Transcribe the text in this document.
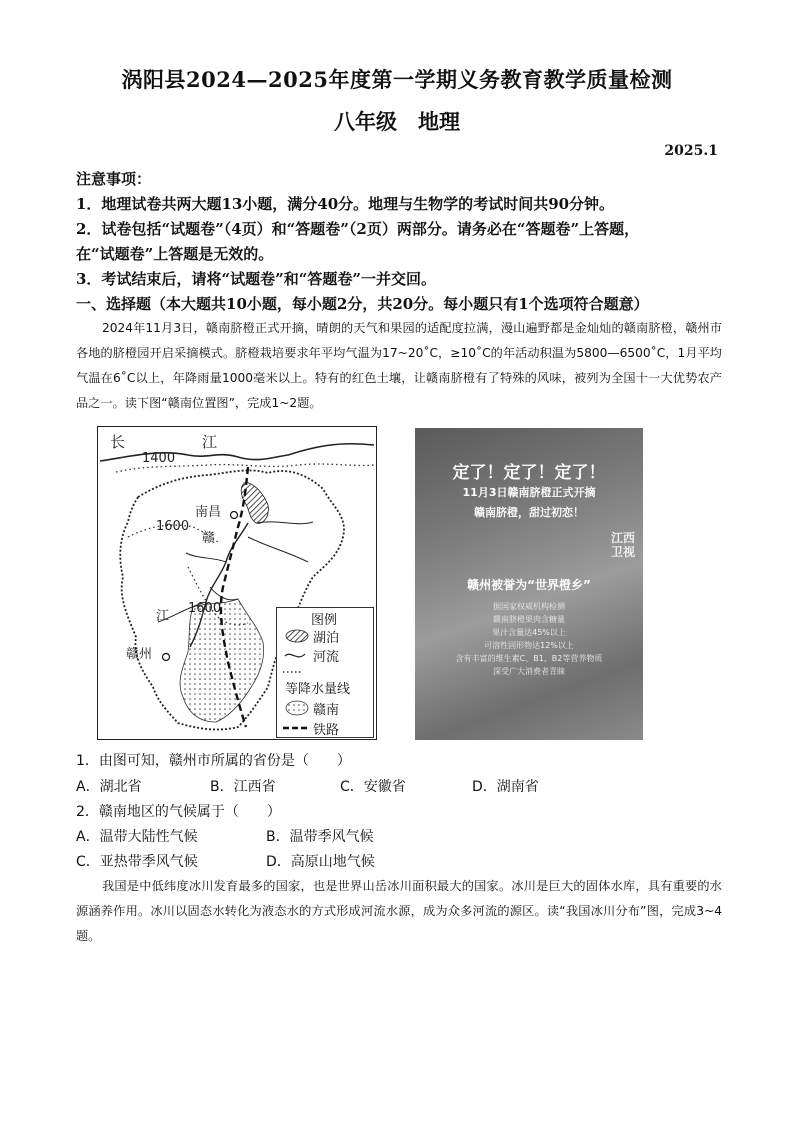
涡阳县2024—2025年度第一学期义务教育教学质量检测
八年级　地理
2025.1
注意事项：
1．地理试卷共两大题13小题，满分40分。地理与生物学的考试时间共90分钟。
2．试卷包括“试题卷”（4页）和“答题卷”（2页）两部分。请务必在“答题卷”上答题，
在“试题卷”上答题是无效的。
3．考试结束后，请将“试题卷”和“答题卷”一并交回。
一、选择题（本大题共10小题，每小题2分，共20分。每小题只有1个选项符合题意）
2024年11月3日，赣南脐橙正式开摘，晴朗的天气和果园的适配度拉满，漫山遍野都是金灿灿的赣南脐橙，赣州市各地的脐橙园开启采摘模式。脐橙栽培要求年平均气温为17~20˚C，≥10˚C的年活动积温为5800—6500˚C，1月平均气温在6˚C以上，年降雨量1000毫米以上。特有的红色土壤，让赣南脐橙有了特殊的风味，被列为全国十一大优势农产品之一。读下图“赣南位置图”，完成1~2题。
长	江
1400
南昌
1600
赣
江
1600
赣州
图例
湖泊
河流
等降水量线
赣南
铁路
定了！定了！定了！
11月3日赣南脐橙正式开摘
赣南脐橙，甜过初恋！
江西
卫视
赣州被誉为“世界橙乡”
据国家权威机构检测
赣南脐橙果肉含糖量
果汁含量达45%以上
可溶性固形物达12%以上
含有丰富的维生素C、B1、B2等营养物质
深受广大消费者青睐
1．由图可知，赣州市所属的省份是（　　）
A．湖北省	B．江西省	C．安徽省	D．湖南省
2．赣南地区的气候属于（　　）
A．温带大陆性气候	B．温带季风气候
C．亚热带季风气候	D．高原山地气候
我国是中低纬度冰川发育最多的国家，也是世界山岳冰川面积最大的国家。冰川是巨大的固体水库，具有重要的水源涵养作用。冰川以固态水转化为液态水的方式形成河流水源，成为众多河流的源区。读“我国冰川分布”图，完成3~4题。
